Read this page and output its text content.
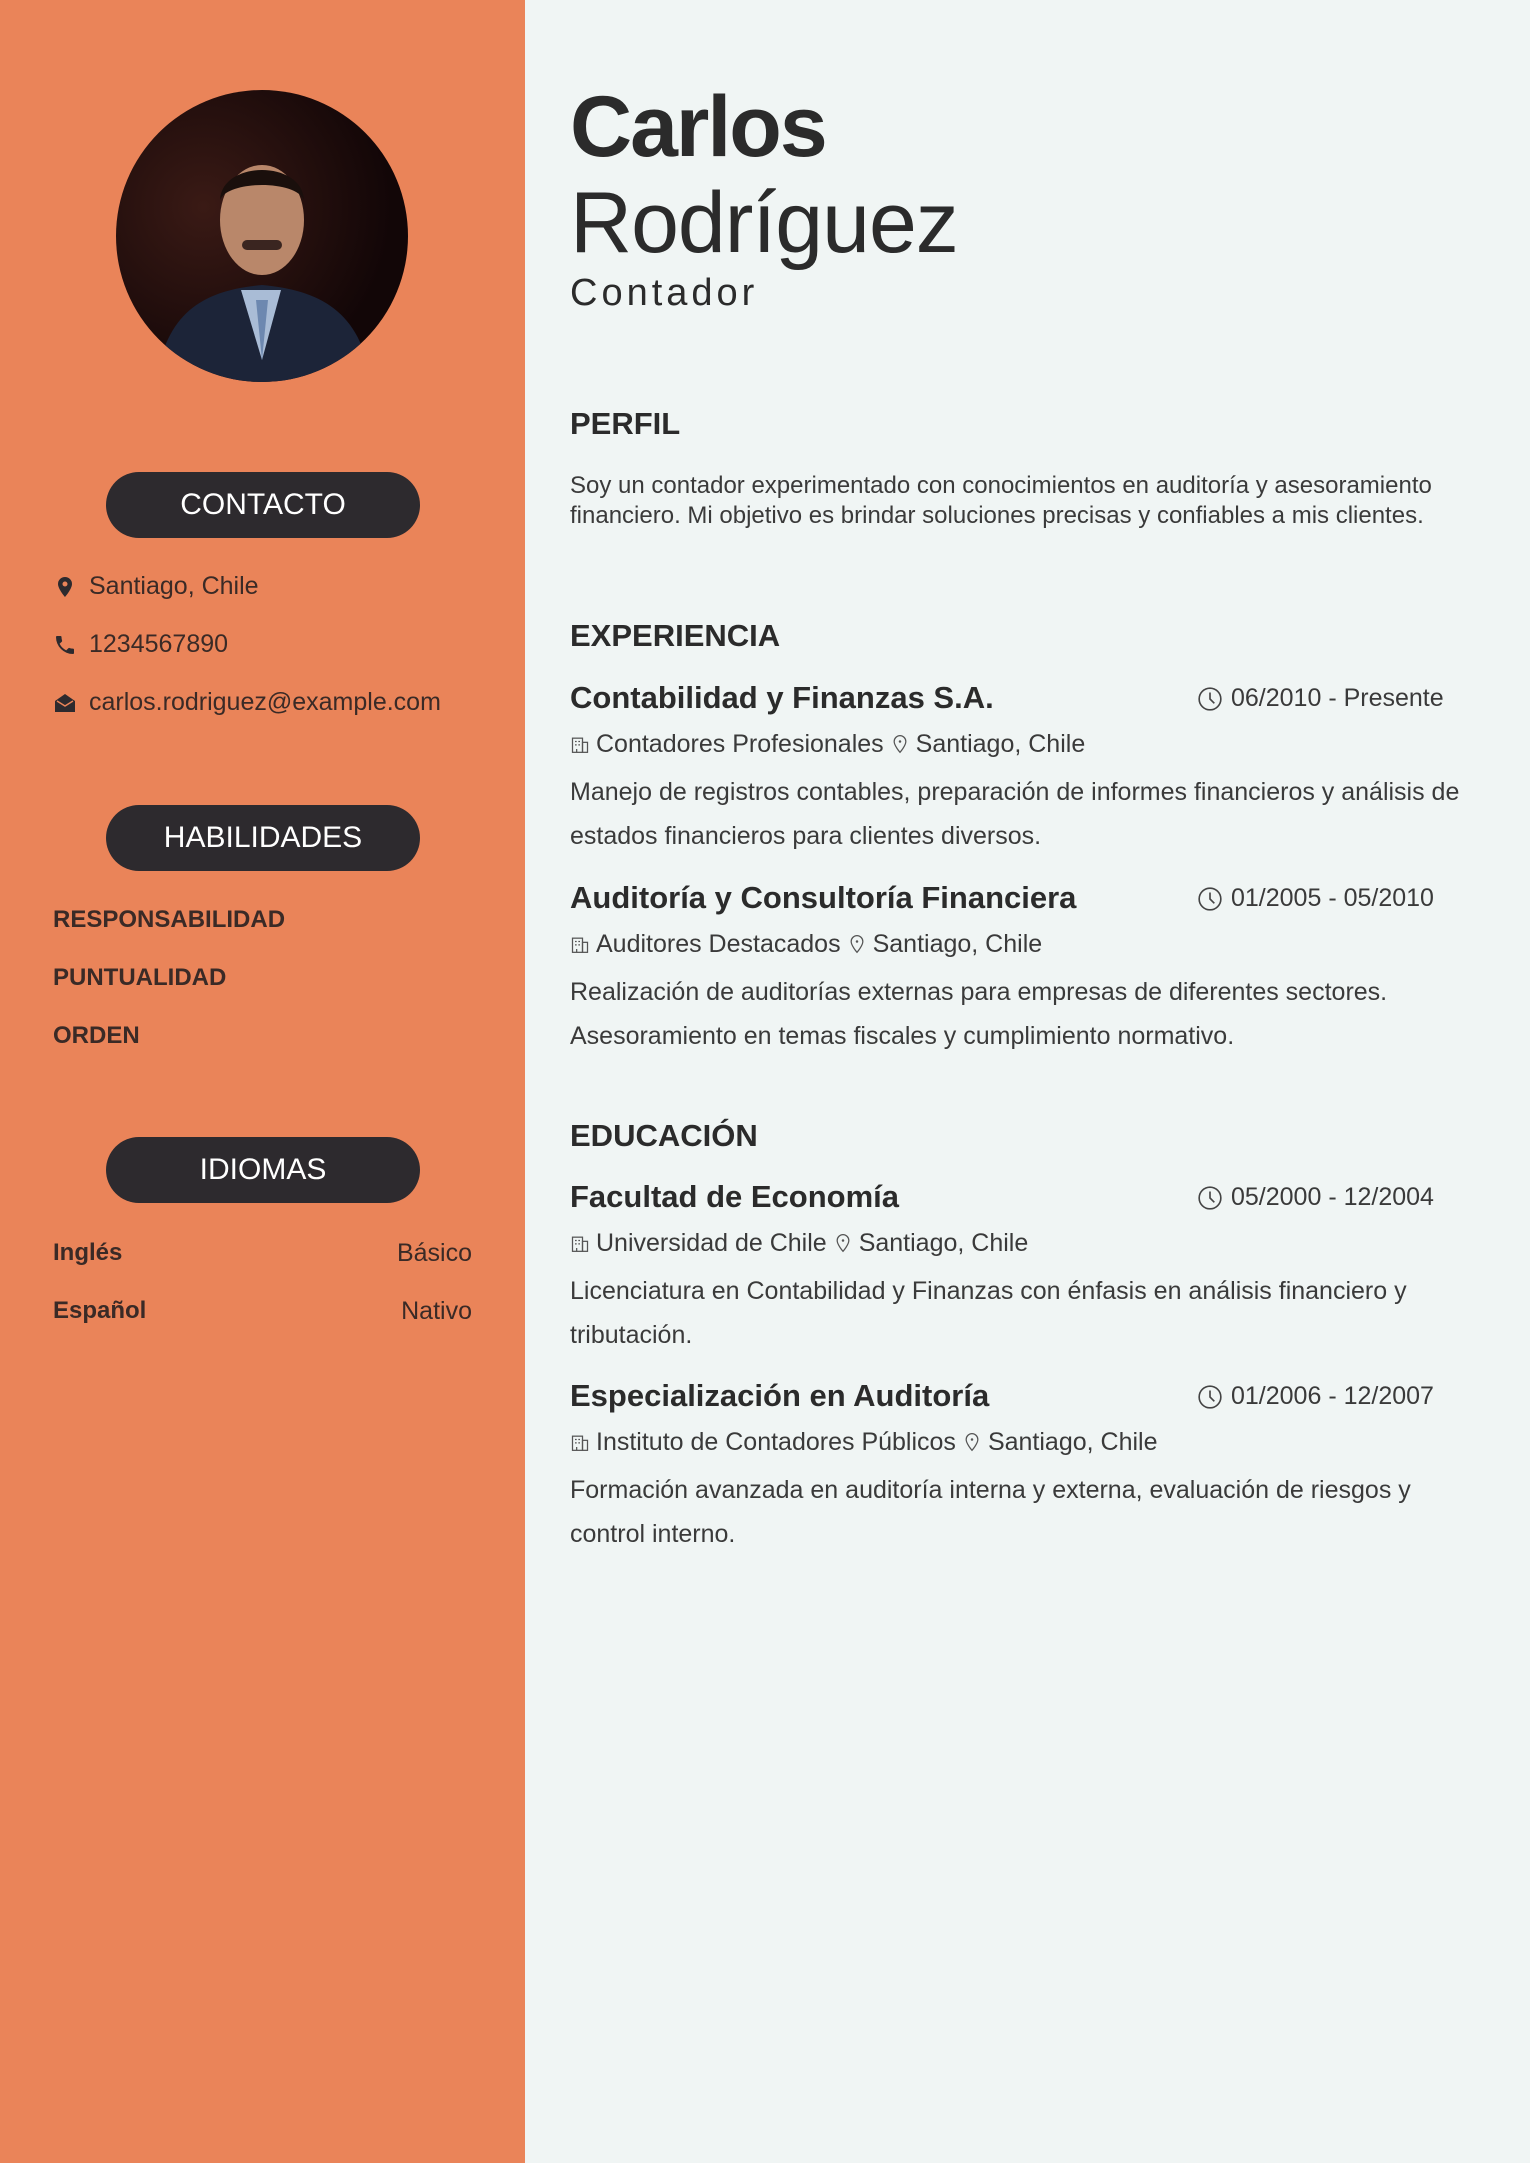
CONTACTO
Santiago, Chile
1234567890
carlos.rodriguez@example.com
HABILIDADES
RESPONSABILIDAD
PUNTUALIDAD
ORDEN
IDIOMAS
Inglés	Básico
Español	Nativo
Carlos
Rodríguez
Contador
PERFIL
Soy un contador experimentado con conocimientos en auditoría y asesoramiento financiero. Mi objetivo es brindar soluciones precisas y confiables a mis clientes.
EXPERIENCIA
Contabilidad y Finanzas S.A.	06/2010 - Presente
Contadores Profesionales Santiago, Chile
Manejo de registros contables, preparación de informes financieros y análisis de estados financieros para clientes diversos.
Auditoría y Consultoría Financiera	01/2005 - 05/2010
Auditores Destacados Santiago, Chile
Realización de auditorías externas para empresas de diferentes sectores. Asesoramiento en temas fiscales y cumplimiento normativo.
EDUCACIÓN
Facultad de Economía	05/2000 - 12/2004
Universidad de Chile Santiago, Chile
Licenciatura en Contabilidad y Finanzas con énfasis en análisis financiero y tributación.
Especialización en Auditoría	01/2006 - 12/2007
Instituto de Contadores Públicos Santiago, Chile
Formación avanzada en auditoría interna y externa, evaluación de riesgos y control interno.
